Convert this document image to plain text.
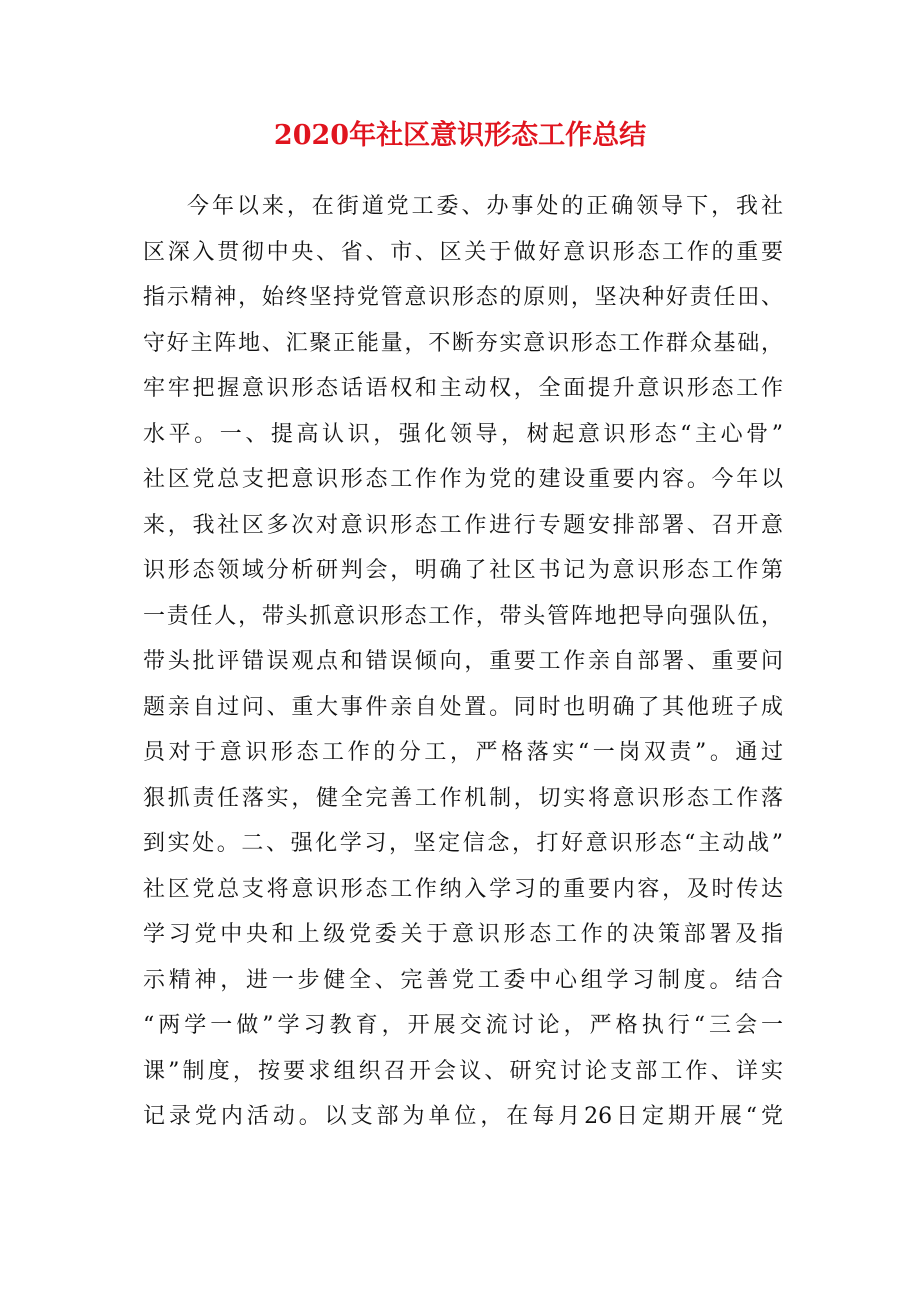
2020年社区意识形态工作总结
今年以来，在街道党工委、办事处的正确领导下，我社
区深入贯彻中央、省、市、区关于做好意识形态工作的重要
指示精神，始终坚持党管意识形态的原则，坚决种好责任田、
守好主阵地、汇聚正能量，不断夯实意识形态工作群众基础，
牢牢把握意识形态话语权和主动权，全面提升意识形态工作
水平。一、提高认识，强化领导，树起意识形态“主心骨”
社区党总支把意识形态工作作为党的建设重要内容。今年以
来，我社区多次对意识形态工作进行专题安排部署、召开意
识形态领域分析研判会，明确了社区书记为意识形态工作第
一责任人，带头抓意识形态工作，带头管阵地把导向强队伍，
带头批评错误观点和错误倾向，重要工作亲自部署、重要问
题亲自过问、重大事件亲自处置。同时也明确了其他班子成
员对于意识形态工作的分工，严格落实“一岗双责”。通过
狠抓责任落实，健全完善工作机制，切实将意识形态工作落
到实处。二、强化学习，坚定信念，打好意识形态“主动战”
社区党总支将意识形态工作纳入学习的重要内容，及时传达
学习党中央和上级党委关于意识形态工作的决策部署及指
示精神，进一步健全、完善党工委中心组学习制度。结合
“两学一做”学习教育，开展交流讨论，严格执行“三会一
课”制度，按要求组织召开会议、研究讨论支部工作、详实
记录党内活动。以支部为单位，在每月26日定期开展“党
